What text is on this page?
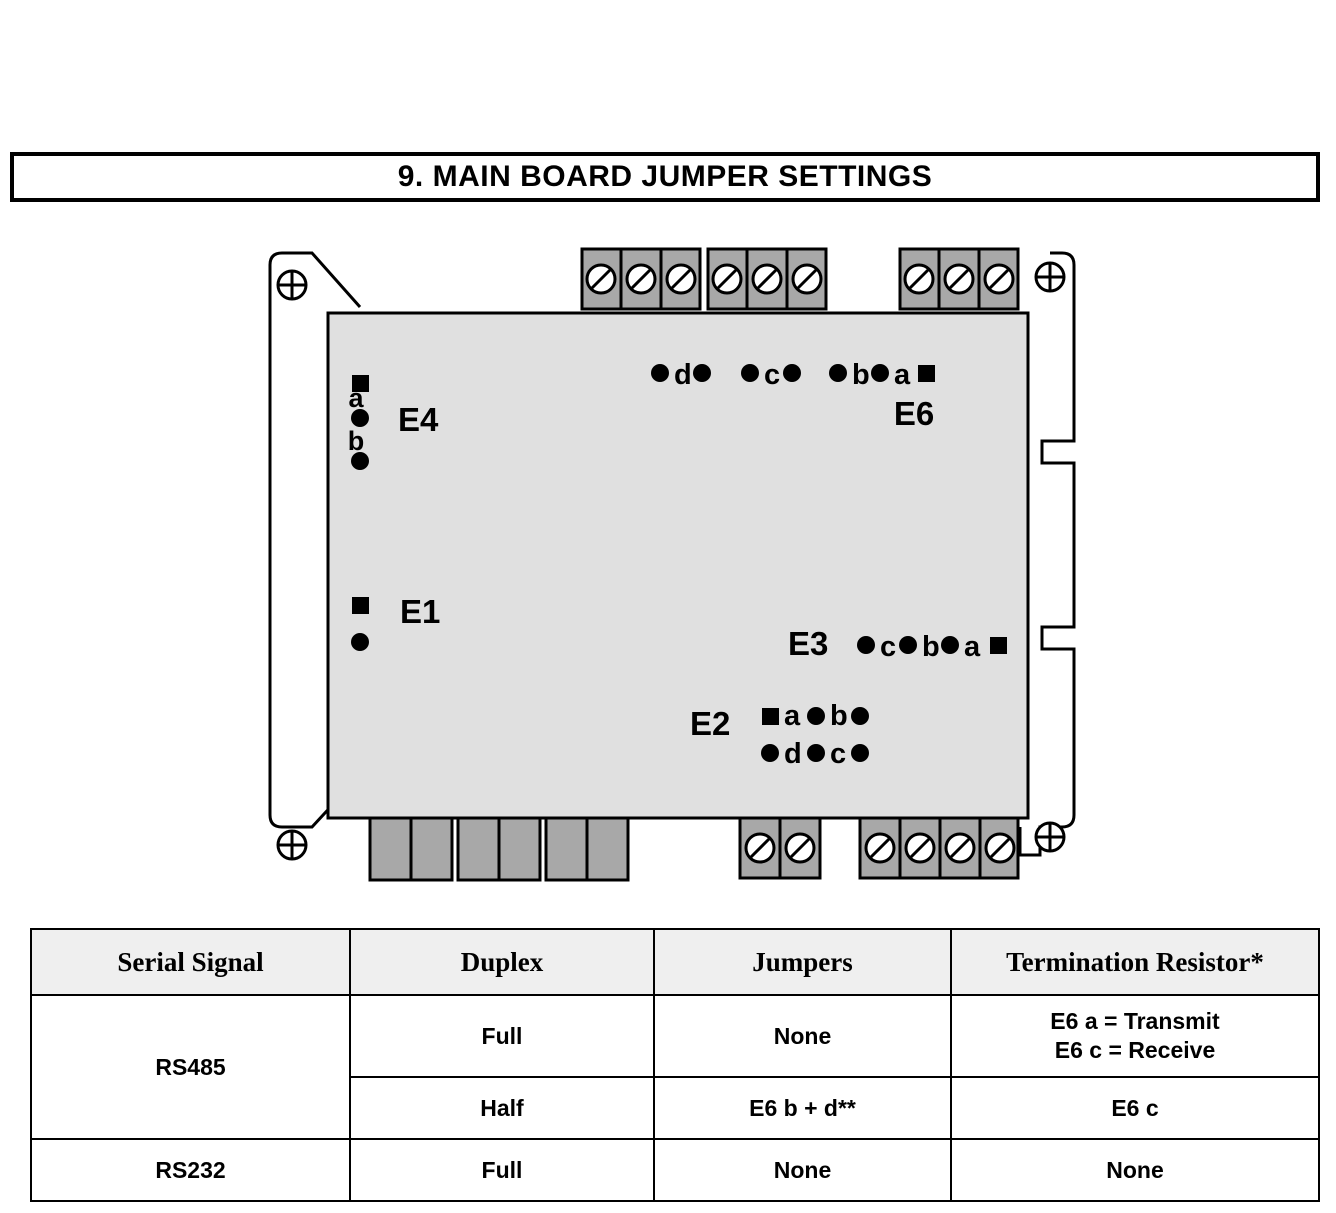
9. MAIN BOARD JUMPER SETTINGS
a
b
E4
E1
d c b a
E6
E3 c b a
E2 a b
d c
Serial Signal	Duplex	Jumpers	Termination Resistor*
RS485	Full	None	E6 a = Transmit
E6 c = Receive

	Half	E6 b + d**	E6 c
RS232	Full	None	None
